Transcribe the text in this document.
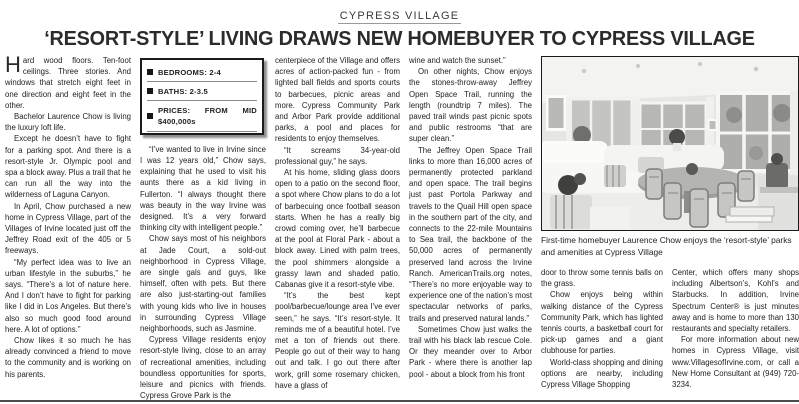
CYPRESS VILLAGE
‘RESORT-STYLE’ LIVING DRAWS NEW HOMEBUYER TO CYPRESS VILLAGE

Hard wood floors. Ten-foot ceilings. Three stories. And windows that stretch eight feet in one direction and eight feet in the other.

Bachelor Laurence Chow is living the luxury loft life.

Except he doesn’t have to fight for a parking spot. And there is a resort-style Jr. Olympic pool and spa a block away. Plus a trail that he can run all the way into the wilderness of Laguna Canyon.

In April, Chow purchased a new home in Cypress Village, part of the Villages of Irvine located just off the Jeffrey Road exit of the 405 or 5 freeways.

“My perfect idea was to live an urban lifestyle in the suburbs,” he says. “There’s a lot of nature here. And I don’t have to fight for parking like I did in Los Angeles. But there’s also so much good food around here. A lot of options.”

Chow likes it so much he has already convinced a friend to move to the community and is working on his parents.

BEDROOMS: 2-4
BATHS: 2-3.5
PRICES: FROM MID $400,000s

“I’ve wanted to live in Irvine since I was 12 years old,” Chow says, explaining that he used to visit his aunts there as a kid living in Fullerton. “I always thought there was beauty in the way Irvine was designed. It’s a very forward thinking city with intelligent people.”

Chow says most of his neighbors at Jade Court, a sold-out neighborhood in Cypress Village, are single gals and guys, like himself, often with pets. But there are also just-starting-out families with young kids who live in houses in surrounding Cypress Village neighborhoods, such as Jasmine.

Cypress Village residents enjoy resort-style living, close to an array of recreational amenities, including boundless opportunities for sports, leisure and picnics with friends. Cypress Grove Park is the

centerpiece of the Village and offers acres of action-packed fun - from lighted ball fields and sports courts to barbecues, picnic areas and more. Cypress Community Park and Arbor Park provide additional parks, a pool and places for residents to enjoy themselves.

“It screams 34-year-old professional guy,” he says.

At his home, sliding glass doors open to a patio on the second floor, a spot where Chow plans to do a lot of barbecuing once football season starts. When he has a really big crowd coming over, he’ll barbecue at the pool at Floral Park - about a block away. Lined with palm trees, the pool shimmers alongside a grassy lawn and shaded patio. Cabanas give it a resort-style vibe.

“It’s the best kept pool/barbecue/lounge area I’ve ever seen,” he says. “It’s resort-style. It reminds me of a beautiful hotel. I’ve met a ton of friends out there. People go out of their way to hang out and talk. I go out there after work, grill some rosemary chicken, have a glass of

wine and watch the sunset.”

On other nights, Chow enjoys the stones-throw-away Jeffrey Open Space Trail, running the length (roundtrip 7 miles). The paved trail winds past picnic spots and public restrooms “that are super clean.”

The Jeffrey Open Space Trail links to more than 16,000 acres of permanently protected parkland and open space. The trail begins just past Portola Parkway and travels to the Quail Hill open space in the southern part of the city, and connects to the 22-mile Mountains to Sea trail, the backbone of the 50,000 acres of permanently preserved land across the Irvine Ranch. AmericanTrails.org notes, “There’s no more enjoyable way to experience one of the nation’s most spectacular networks of parks, trails and preserved natural lands.”

Sometimes Chow just walks the trail with his black lab rescue Cole. Or they meander over to Arbor Park - where there is another lap pool - about a block from his front

First-time homebuyer Laurence Chow enjoys the ‘resort-style’ parks and amenities at Cypress Village

door to throw some tennis balls on the grass.

Chow enjoys being within walking distance of the Cypress Community Park, which has lighted tennis courts, a basketball court for pick-up games and a giant clubhouse for parties.

World-class shopping and dining options are nearby, including Cypress Village Shopping

Center, which offers many shops including Albertson’s, Kohl’s and Starbucks. In addition, Irvine Spectrum Center® is just minutes away and is home to more than 130 restaurants and specialty retailers.

For more information about new homes in Cypress Village, visit www.VillagesofIrvine.com, or call a New Home Consultant at (949) 720-3234.
